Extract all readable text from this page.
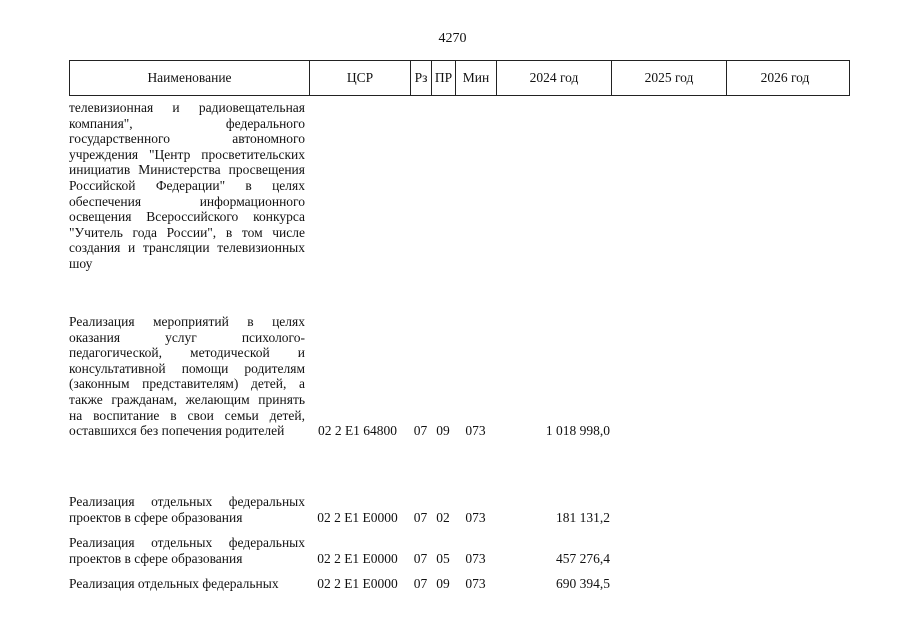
4270
Наименование	ЦСР	Рз ПР Мин	2024 год	2025 год	2026 год
телевизионная и радиовещательная компания", федерального государственного автономного учреждения "Центр просветительских инициатив Министерства просвещения Российской Федерации" в целях обеспечения информационного освещения Всероссийского конкурса "Учитель года России", в том числе создания и трансляции телевизионных шоу
Реализация мероприятий в целях оказания услуг психолого-педагогической, методической и консультативной помощи родителям (законным представителям) детей, а также гражданам, желающим принять на воспитание в свои семьи детей, оставшихся без попечения родителей	02 2 E1 64800	07 09	073	1 018 998,0
Реализация отдельных федеральных проектов в сфере образования	02 2 E1 E0000	07 02	073	181 131,2
Реализация отдельных федеральных проектов в сфере образования	02 2 E1 E0000	07 05	073	457 276,4
Реализация отдельных федеральных	02 2 E1 E0000	07 09	073	690 394,5
